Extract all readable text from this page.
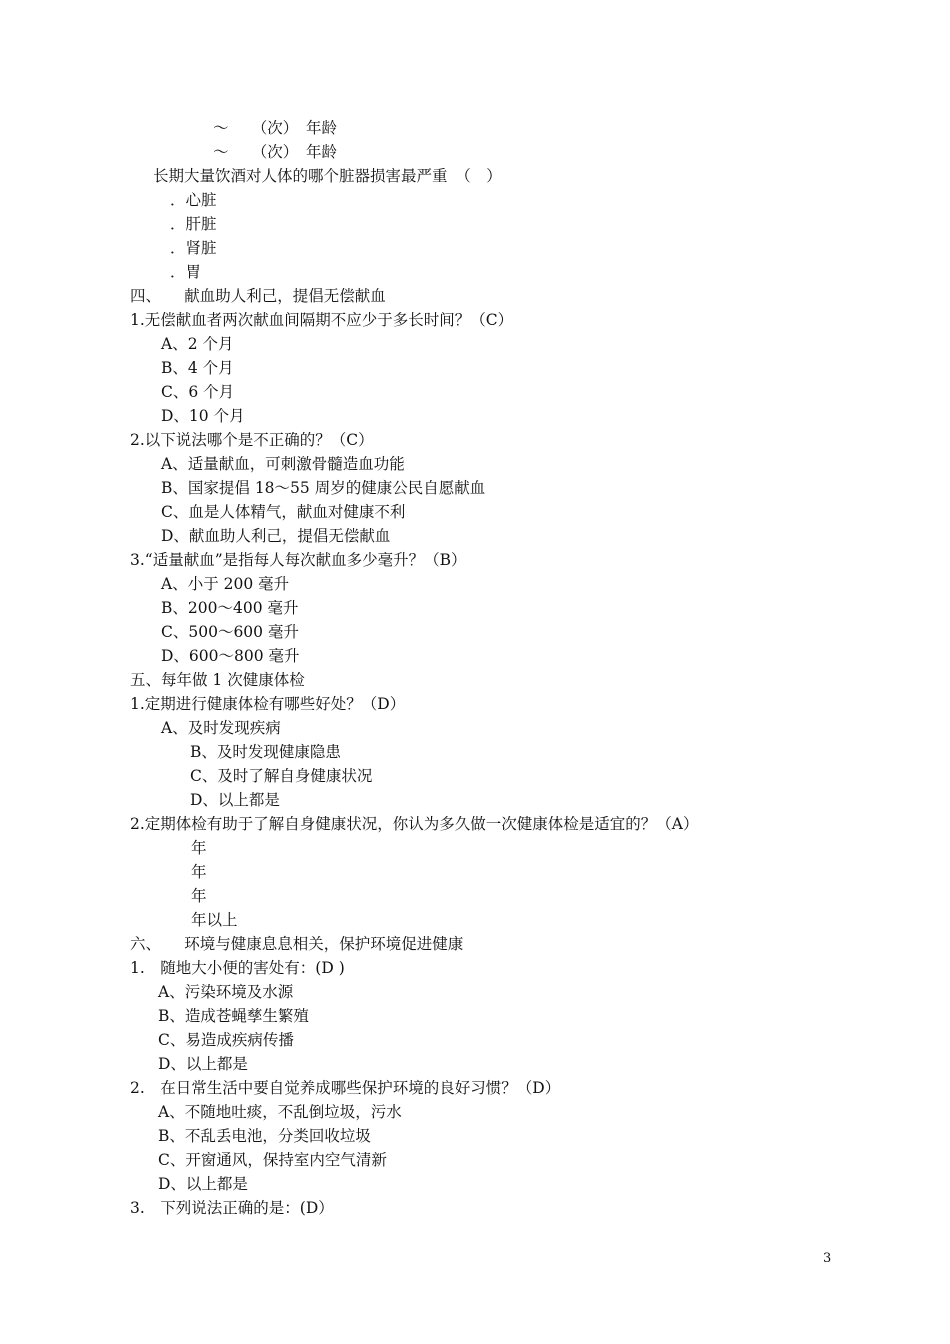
～　　（次）　年龄
～　　（次）　年龄
长期大量饮酒对人体的哪个脏器损害最严重　（　）
．心脏
．肝脏
．肾脏
．胃
四、　　献血助人利己，提倡无偿献血
1.无偿献血者两次献血间隔期不应少于多长时间？（C）
A、2 个月
B、4 个月
C、6 个月
D、10 个月
2.以下说法哪个是不正确的？（C）
A、适量献血，可刺激骨髓造血功能
B、国家提倡 18～55 周岁的健康公民自愿献血
C、血是人体精气，献血对健康不利
D、献血助人利己，提倡无偿献血
3.“适量献血”是指每人每次献血多少毫升？（B）
A、小于 200 毫升
B、200～400 毫升
C、500～600 毫升
D、600～800 毫升
五、每年做 1 次健康体检
1.定期进行健康体检有哪些好处？（D）
A、及时发现疾病
B、及时发现健康隐患
C、及时了解自身健康状况
D、以上都是
2.定期体检有助于了解自身健康状况，你认为多久做一次健康体检是适宜的？（A）
年
年
年
年以上
六、　　环境与健康息息相关，保护环境促进健康
1.　随地大小便的害处有：(D )
A、污染环境及水源
B、造成苍蝇孳生繁殖
C、易造成疾病传播
D、以上都是
2.　在日常生活中要自觉养成哪些保护环境的良好习惯？（D）
A、不随地吐痰，不乱倒垃圾，污水
B、不乱丢电池，分类回收垃圾
C、开窗通风，保持室内空气清新
D、以上都是
3.　下列说法正确的是：(D）
3
